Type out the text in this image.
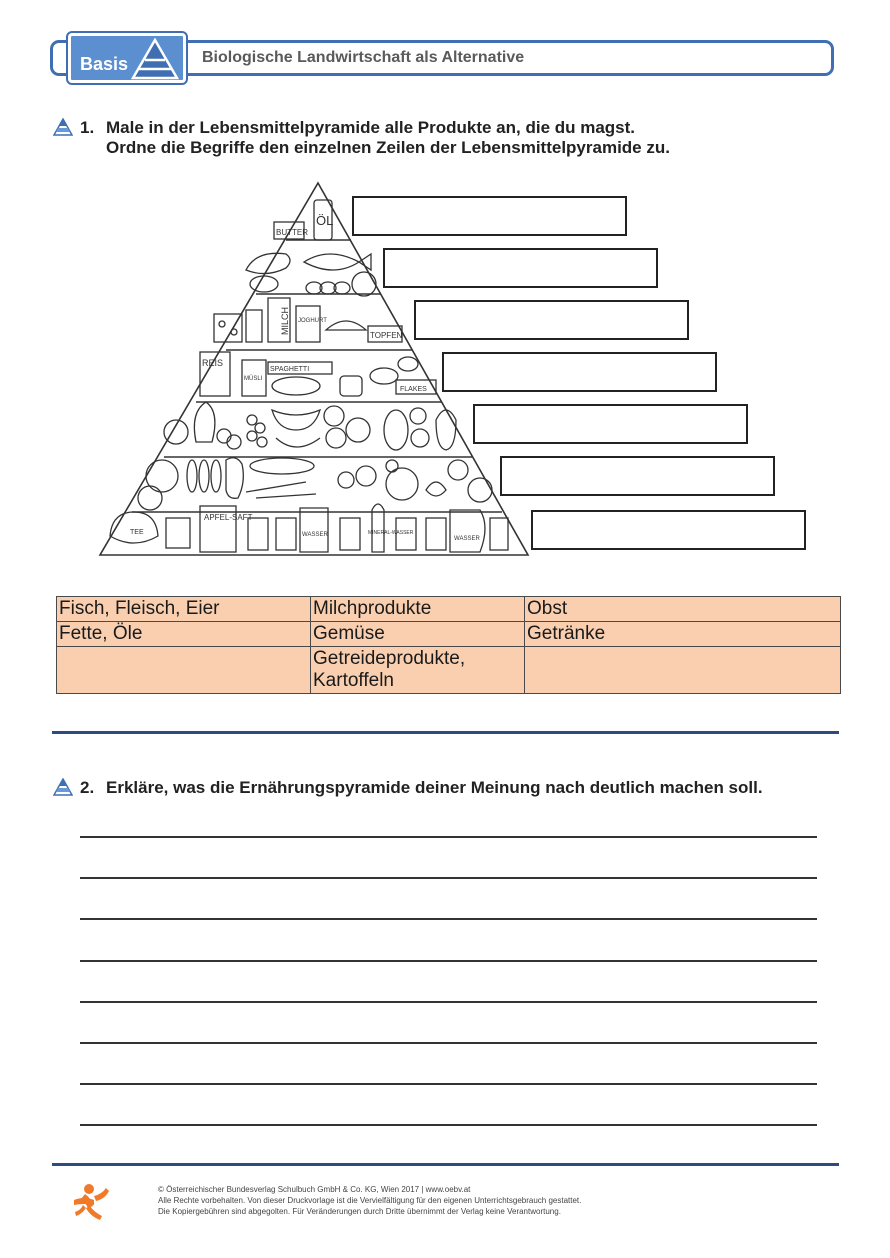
Basis	Biologische Landwirtschaft als Alternative
1. Male in der Lebensmittelpyramide alle Produkte an, die du magst.
Ordne die Begriffe den einzelnen Zeilen der Lebensmittelpyramide zu.
BUTTER
ÖL
MILCH JOGHURT
TOPFEN
REIS
MÜSLI
SPAGHETTI
FLAKES
TEE
APFEL-SAFT
WASSER	MINERAL-WASSER
WASSER
Fisch, Fleisch, Eier	Milchprodukte	Obst
Fette, Öle	Gemüse	Getränke
	Getreideprodukte, Kartoffeln	
2. Erkläre, was die Ernährungspyramide deiner Meinung nach deutlich machen soll.
© Österreichischer Bundesverlag Schulbuch GmbH & Co. KG, Wien 2017 | www.oebv.at
Alle Rechte vorbehalten. Von dieser Druckvorlage ist die Vervielfältigung für den eigenen Unterrichtsgebrauch gestattet.
Die Kopiergebühren sind abgegolten. Für Veränderungen durch Dritte übernimmt der Verlag keine Verantwortung.
